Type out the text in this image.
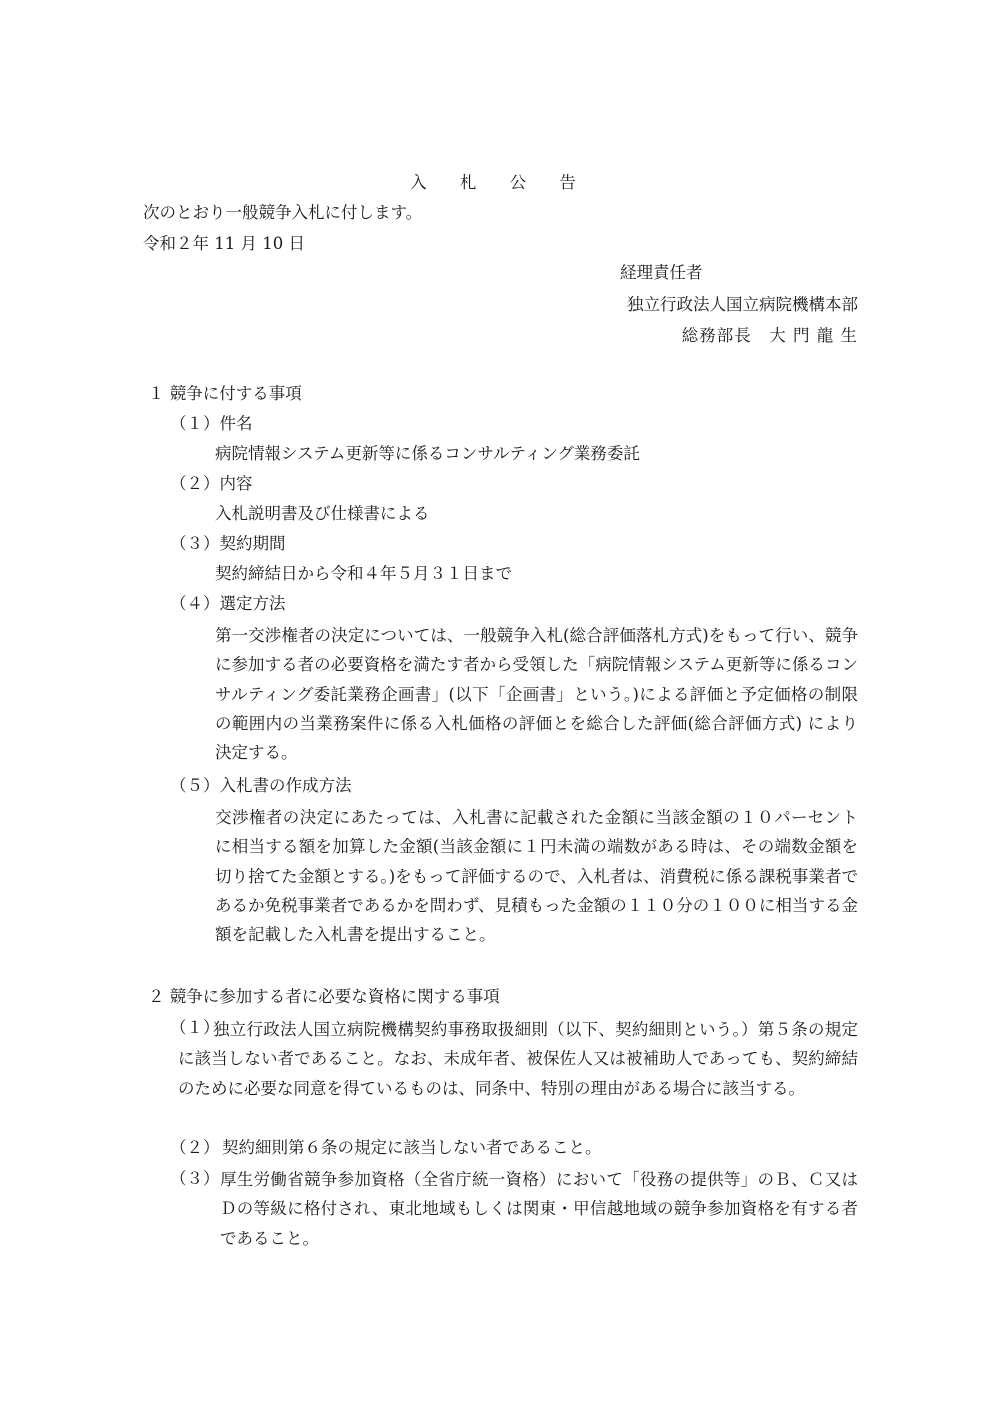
入 札 公 告
次のとおり一般競争入札に付します。
令和２年 11 月 10 日
経理責任者
独立行政法人国立病院機構本部
総務部長　大 門 龍 生
１ 競争に付する事項
（１）件名
病院情報システム更新等に係るコンサルティング業務委託
（２）内容
入札説明書及び仕様書による
（３）契約期間
契約締結日から令和４年５月３１日まで
（４）選定方法
第一交渉権者の決定については、一般競争入札(総合評価落札方式)をもって行い、競争に参加する者の必要資格を満たす者から受領した「病院情報システム更新等に係るコンサルティング委託業務企画書」(以下「企画書」という。)による評価と予定価格の制限の範囲内の当業務案件に係る入札価格の評価とを総合した評価(総合評価方式) により決定する。
（５）入札書の作成方法
交渉権者の決定にあたっては、入札書に記載された金額に当該金額の１０パーセントに相当する額を加算した金額(当該金額に１円未満の端数がある時は、その端数金額を切り捨てた金額とする。)をもって評価するので、入札者は、消費税に係る課税事業者であるか免税事業者であるかを問わず、見積もった金額の１１０分の１００に相当する金額を記載した入札書を提出すること。
２ 競争に参加する者に必要な資格に関する事項
（１）
独立行政法人国立病院機構契約事務取扱細則（以下、契約細則という。）第５条の規定に該当しない者であること。なお、未成年者、被保佐人又は被補助人であっても、契約締結のために必要な同意を得ているものは、同条中、特別の理由がある場合に該当する。
（２） 契約細則第６条の規定に該当しない者であること。
（３） 厚生労働省競争参加資格（全省庁統一資格）において「役務の提供等」のＢ、Ｃ又はＤの等級に格付され、東北地域もしくは関東・甲信越地域の競争参加資格を有する者であること。
